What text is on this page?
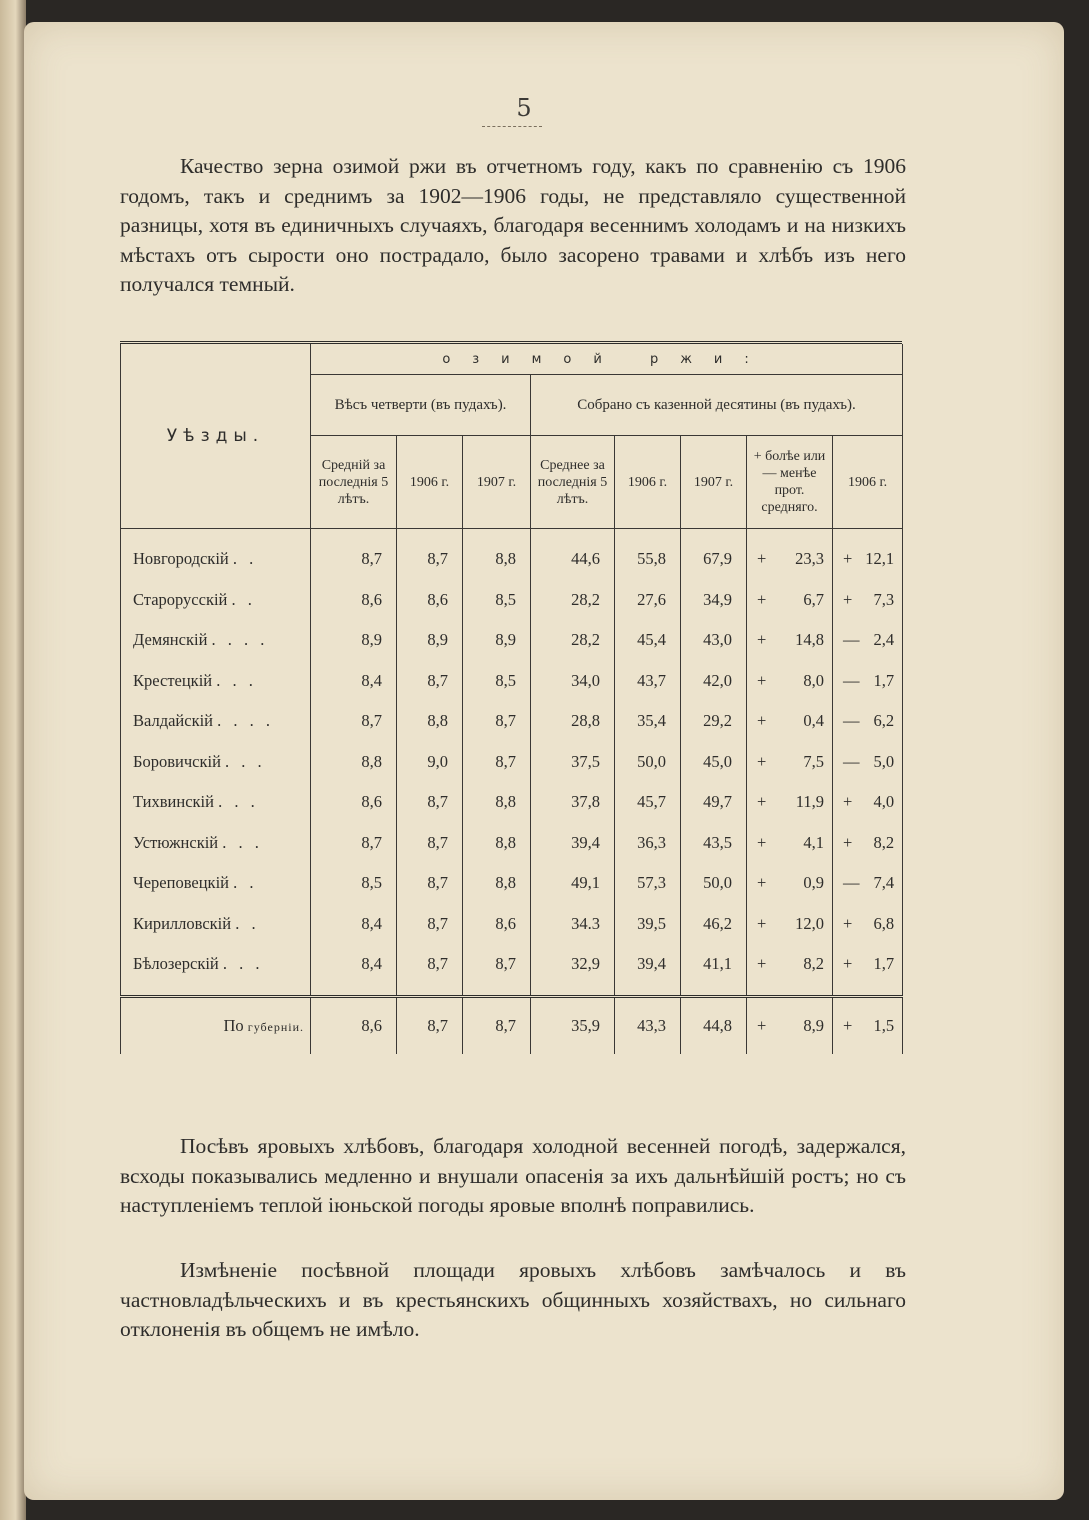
5

Качество зерна озимой ржи въ отчетномъ году, какъ по сравненiю съ 1906 годомъ, такъ и среднимъ за 1902—1906 годы, не представляло существенной разницы, хотя въ единичныхъ случаяхъ, благодаря весеннимъ холодамъ и на низкихъ мѣстахъ отъ сырости оно пострадало, было засорено травами и хлѣбъ изъ него получался темный.

Уѣзды.	озимой ржи:							
	Вѣсъ четверти (въ пудахъ).			Собрано съ казенной десятины (въ пудахъ).				
	Средній за последнія 5 лѣтъ.	1906 г.	1907 г.	Среднее за последнія 5 лѣтъ.	1906 г.	1907 г.	+ болѣе или — менѣе прот. средняго.	1906 г.

Новгородскій . .	8,7	8,7	8,8	44,6	55,8	67,9	+ 23,3	+ 12,1

Старорусскій . .	8,6	8,6	8,5	28,2	27,6	34,9	+ 6,7	+ 7,3

Демянскій . . . .	8,9	8,9	8,9	28,2	45,4	43,0	+ 14,8	— 2,4

Крестецкій . . .	8,4	8,7	8,5	34,0	43,7	42,0	+ 8,0	— 1,7

Валдайскій . . . .	8,7	8,8	8,7	28,8	35,4	29,2	+ 0,4	— 6,2

Боровичскій . . .	8,8	9,0	8,7	37,5	50,0	45,0	+ 7,5	— 5,0

Тихвинскій . . .	8,6	8,7	8,8	37,8	45,7	49,7	+ 11,9	+ 4,0

Устюжнскій . . .	8,7	8,7	8,8	39,4	36,3	43,5	+ 4,1	+ 8,2

Череповецкій . .	8,5	8,7	8,8	49,1	57,3	50,0	+ 0,9	— 7,4

Кирилловскій . .	8,4	8,7	8,6	34.3	39,5	46,2	+ 12,0	+ 6,8

Бѣлозерскій . . .	8,4	8,7	8,7	32,9	39,4	41,1	+ 8,2	+ 1,7

По губерніи.	8,6	8,7	8,7	35,9	43,3	44,8	+ 8,9	+ 1,5

Посѣвъ яровыхъ хлѣбовъ, благодаря холодной весенней погодѣ, задержался, всходы показывались медленно и внушали опасенія за ихъ дальнѣйшій ростъ; но съ наступленіемъ теплой іюньской погоды яровые вполнѣ поправились.

Измѣненіе посѣвной площади яровыхъ хлѣбовъ замѣчалось и въ частновладѣльческихъ и въ крестьянскихъ общинныхъ хозяйствахъ, но сильнаго отклоненія въ общемъ не имѣло.
